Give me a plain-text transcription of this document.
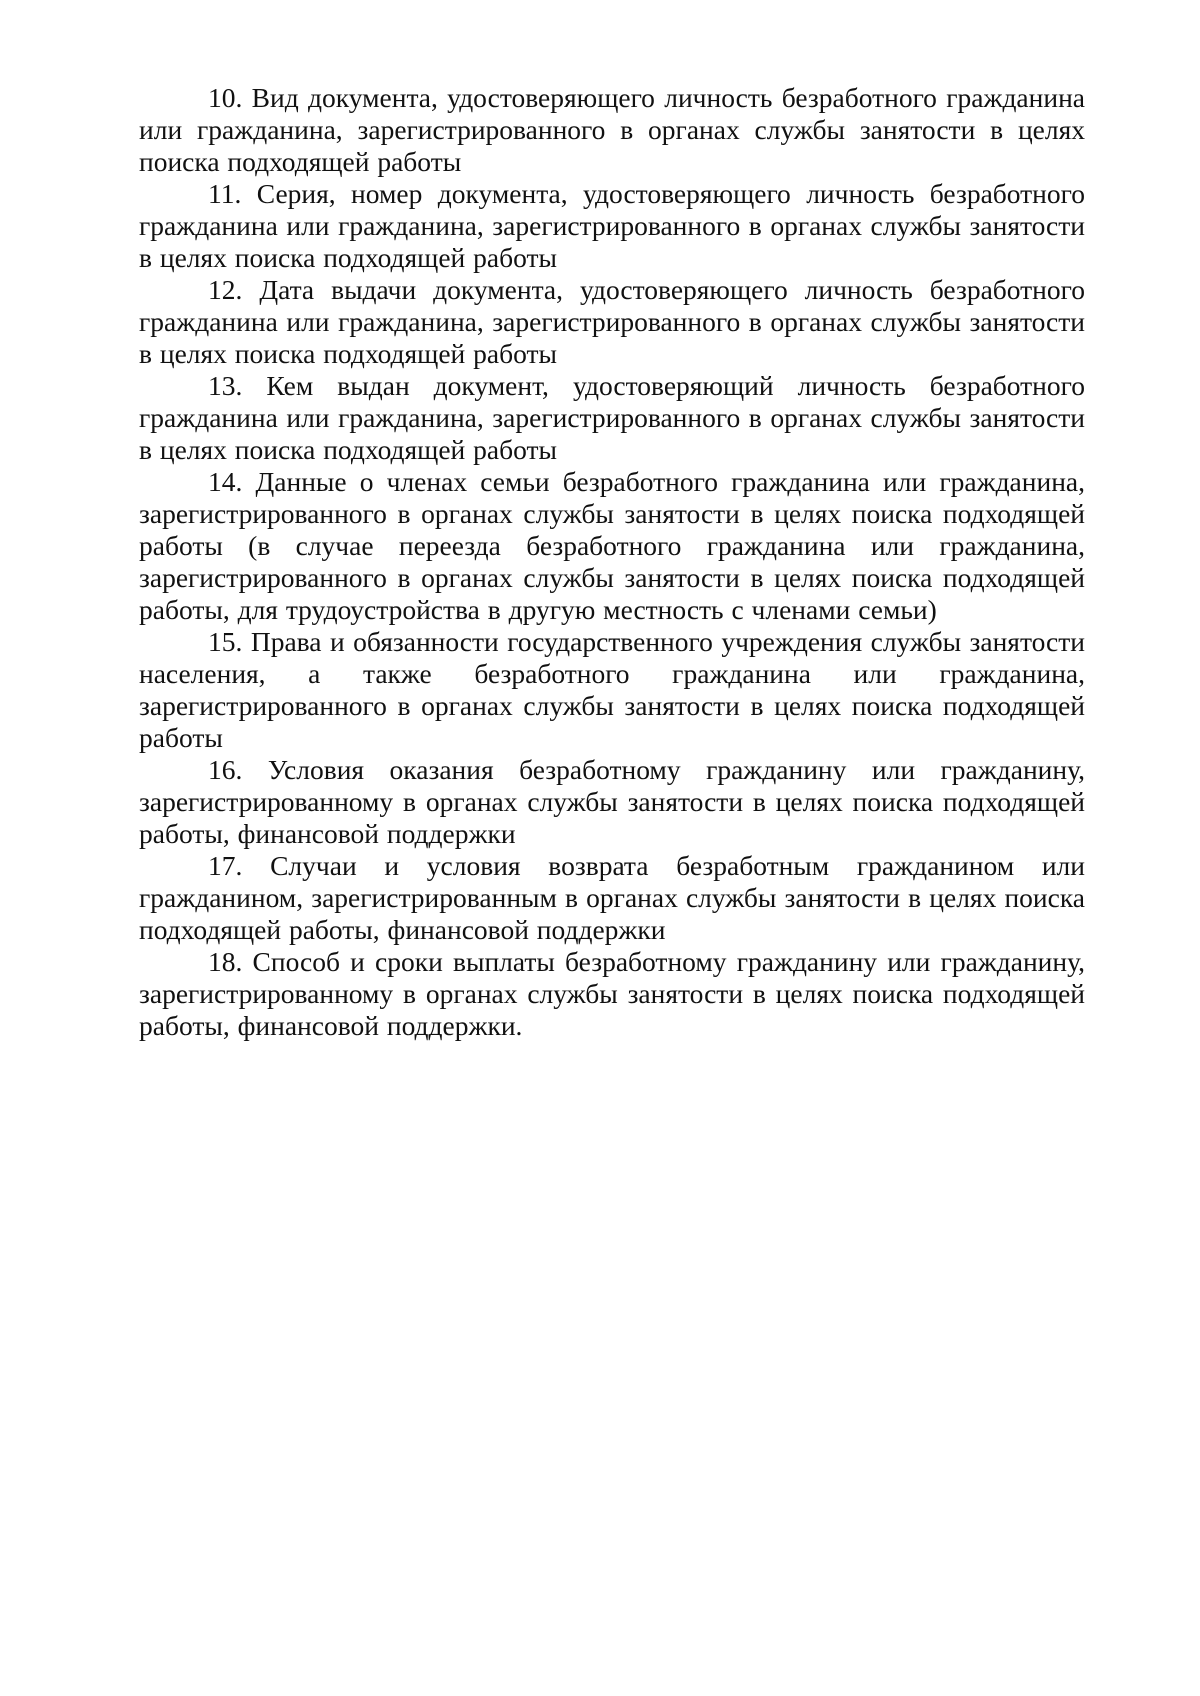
10. Вид документа, удостоверяющего личность безработного гражданина или гражданина, зарегистрированного в органах службы занятости в целях поиска подходящей работы

11. Серия, номер документа, удостоверяющего личность безработного гражданина или гражданина, зарегистрированного в органах службы занятости в целях поиска подходящей работы

12. Дата выдачи документа, удостоверяющего личность безработного гражданина или гражданина, зарегистрированного в органах службы занятости в целях поиска подходящей работы

13. Кем выдан документ, удостоверяющий личность безработного гражданина или гражданина, зарегистрированного в органах службы занятости в целях поиска подходящей работы

14. Данные о членах семьи безработного гражданина или гражданина, зарегистрированного в органах службы занятости в целях поиска подходящей работы (в случае переезда безработного гражданина или гражданина, зарегистрированного в органах службы занятости в целях поиска подходящей работы, для трудоустройства в другую местность с членами семьи)

15. Права и обязанности государственного учреждения службы занятости населения, а также безработного гражданина или гражданина, зарегистрированного в органах службы занятости в целях поиска подходящей работы

16. Условия оказания безработному гражданину или гражданину, зарегистрированному в органах службы занятости в целях поиска подходящей работы, финансовой поддержки

17. Случаи и условия возврата безработным гражданином или гражданином, зарегистрированным в органах службы занятости в целях поиска подходящей работы, финансовой поддержки

18. Способ и сроки выплаты безработному гражданину или гражданину, зарегистрированному в органах службы занятости в целях поиска подходящей работы, финансовой поддержки.
